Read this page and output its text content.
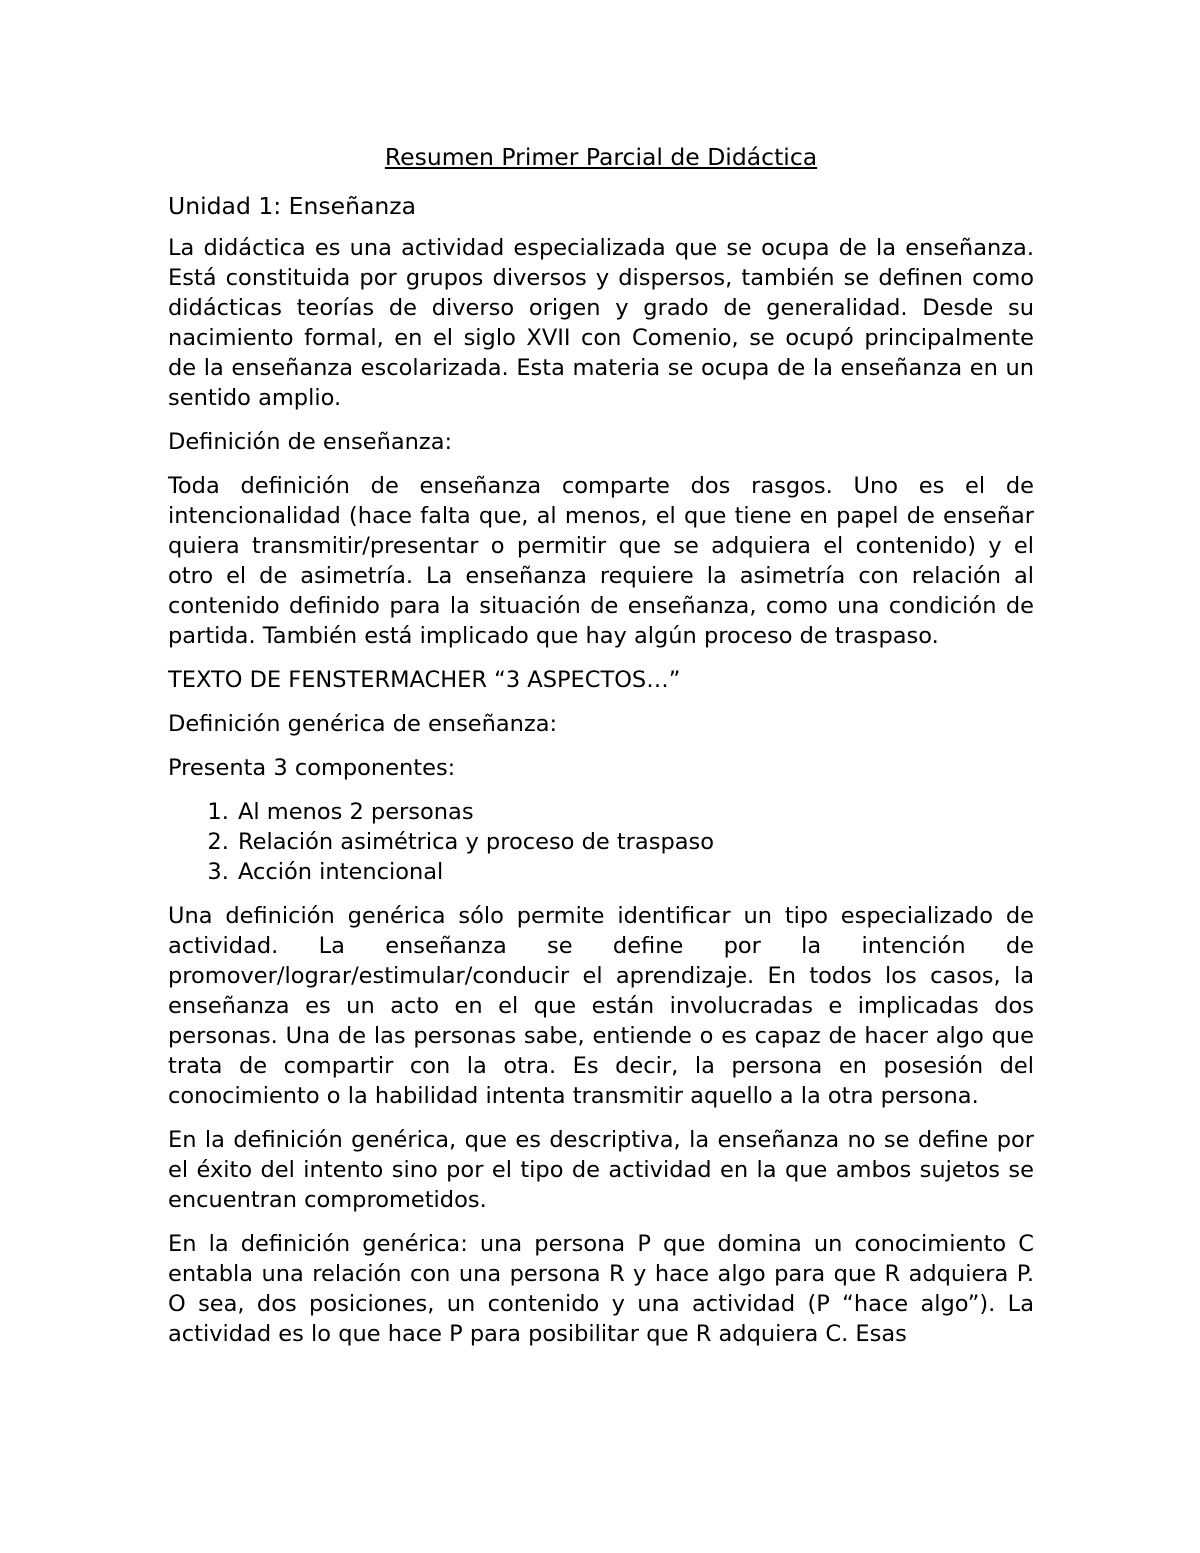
Resumen Primer Parcial de Didáctica
Unidad 1: Enseñanza

La didáctica es una actividad especializada que se ocupa de la enseñanza. Está constituida por grupos diversos y dispersos, también se definen como didácticas teorías de diverso origen y grado de generalidad. Desde su nacimiento formal, en el siglo XVII con Comenio, se ocupó principalmente de la enseñanza escolarizada. Esta materia se ocupa de la enseñanza en un sentido amplio.

Definición de enseñanza:

Toda definición de enseñanza comparte dos rasgos. Uno es el de intencionalidad (hace falta que, al menos, el que tiene en papel de enseñar quiera transmitir/presentar o permitir que se adquiera el contenido) y el otro el de asimetría. La enseñanza requiere la asimetría con relación al contenido definido para la situación de enseñanza, como una condición de partida. También está implicado que hay algún proceso de traspaso.

TEXTO DE FENSTERMACHER “3 ASPECTOS…”

Definición genérica de enseñanza:

Presenta 3 componentes:

1. Al menos 2 personas
2. Relación asimétrica y proceso de traspaso
3. Acción intencional

Una definición genérica sólo permite identificar un tipo especializado de actividad. La enseñanza se define por la intención de promover/lograr/estimular/conducir el aprendizaje. En todos los casos, la enseñanza es un acto en el que están involucradas e implicadas dos personas. Una de las personas sabe, entiende o es capaz de hacer algo que trata de compartir con la otra. Es decir, la persona en posesión del conocimiento o la habilidad intenta transmitir aquello a la otra persona.

En la definición genérica, que es descriptiva, la enseñanza no se define por el éxito del intento sino por el tipo de actividad en la que ambos sujetos se encuentran comprometidos.

En la definición genérica: una persona P que domina un conocimiento C entabla una relación con una persona R y hace algo para que R adquiera P. O sea, dos posiciones, un contenido y una actividad (P “hace algo”). La actividad es lo que hace P para posibilitar que R adquiera C. Esas
